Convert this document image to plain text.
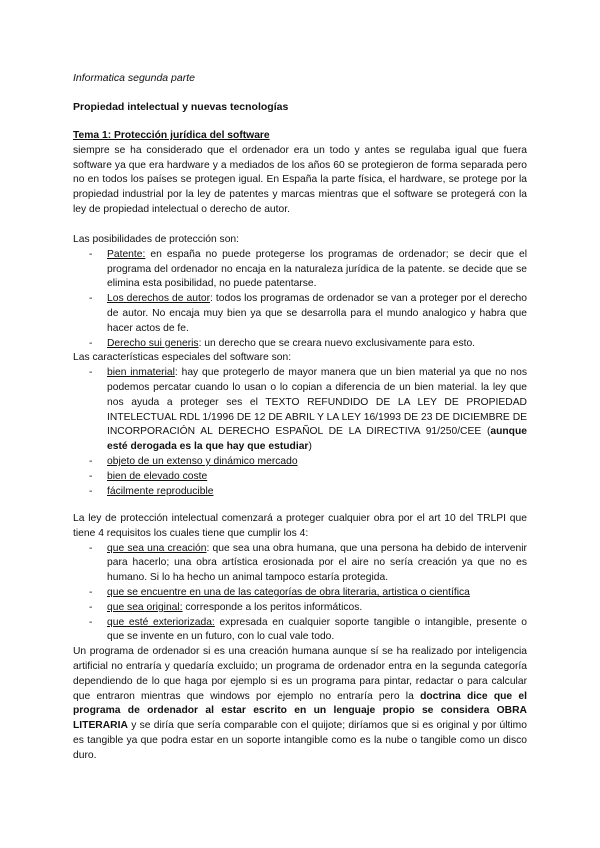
Informatica segunda parte
Propiedad intelectual y nuevas tecnologías
Tema 1: Protección jurídica del software
siempre se ha considerado que el ordenador era un todo y antes se regulaba igual que fuera software ya que era hardware y a mediados de los años 60 se protegieron de forma separada pero no en todos los países se protegen igual. En España la parte física, el hardware, se protege por la propiedad industrial por la ley de patentes y marcas mientras que el software se protegerá con la ley de propiedad intelectual o derecho de autor.
Las posibilidades de protección son:
- Patente: en españa no puede protegerse los programas de ordenador; se decir que el programa del ordenador no encaja en la naturaleza jurídica de la patente. se decide que se elimina esta posibilidad, no puede patentarse.
- Los derechos de autor: todos los programas de ordenador se van a proteger por el derecho de autor. No encaja muy bien ya que se desarrolla para el mundo analogico y habra que hacer actos de fe.
- Derecho sui generis: un derecho que se creara nuevo exclusivamente para esto.
Las características especiales del software son:
- bien inmaterial: hay que protegerlo de mayor manera que un bien material ya que no nos podemos percatar cuando lo usan o lo copian a diferencia de un bien material. la ley que nos ayuda a proteger ses el TEXTO REFUNDIDO DE LA LEY DE PROPIEDAD INTELECTUAL RDL 1/1996 DE 12 DE ABRIL Y LA LEY 16/1993 DE 23 DE DICIEMBRE DE INCORPORACIÓN AL DERECHO ESPAÑOL DE LA DIRECTIVA 91/250/CEE (aunque esté derogada es la que hay que estudiar)
- objeto de un extenso y dinámico mercado
- bien de elevado coste
- fácilmente reproducible
La ley de protección intelectual comenzará a proteger cualquier obra por el art 10 del TRLPI que tiene 4 requisitos los cuales tiene que cumplir los 4:
- que sea una creación: que sea una obra humana, que una persona ha debido de intervenir para hacerlo; una obra artística erosionada por el aire no sería creación ya que no es humano. Si lo ha hecho un animal tampoco estaría protegida.
- que se encuentre en una de las categorías de obra literaria, artistica o científica
- que sea original: corresponde a los peritos informáticos.
- que esté exteriorizada: expresada en cualquier soporte tangible o intangible, presente o que se invente en un futuro, con lo cual vale todo.
Un programa de ordenador si es una creación humana aunque sí se ha realizado por inteligencia artificial no entraría y quedaría excluido; un programa de ordenador entra en la segunda categoría dependiendo de lo que haga por ejemplo si es un programa para pintar, redactar o para calcular que entraron mientras que windows por ejemplo no entraría pero la doctrina dice que el programa de ordenador al estar escrito en un lenguaje propio se considera OBRA LITERARIA y se diría que sería comparable con el quijote; diríamos que si es original y por último es tangible ya que podra estar en un soporte intangible como es la nube o tangible como un disco duro.
